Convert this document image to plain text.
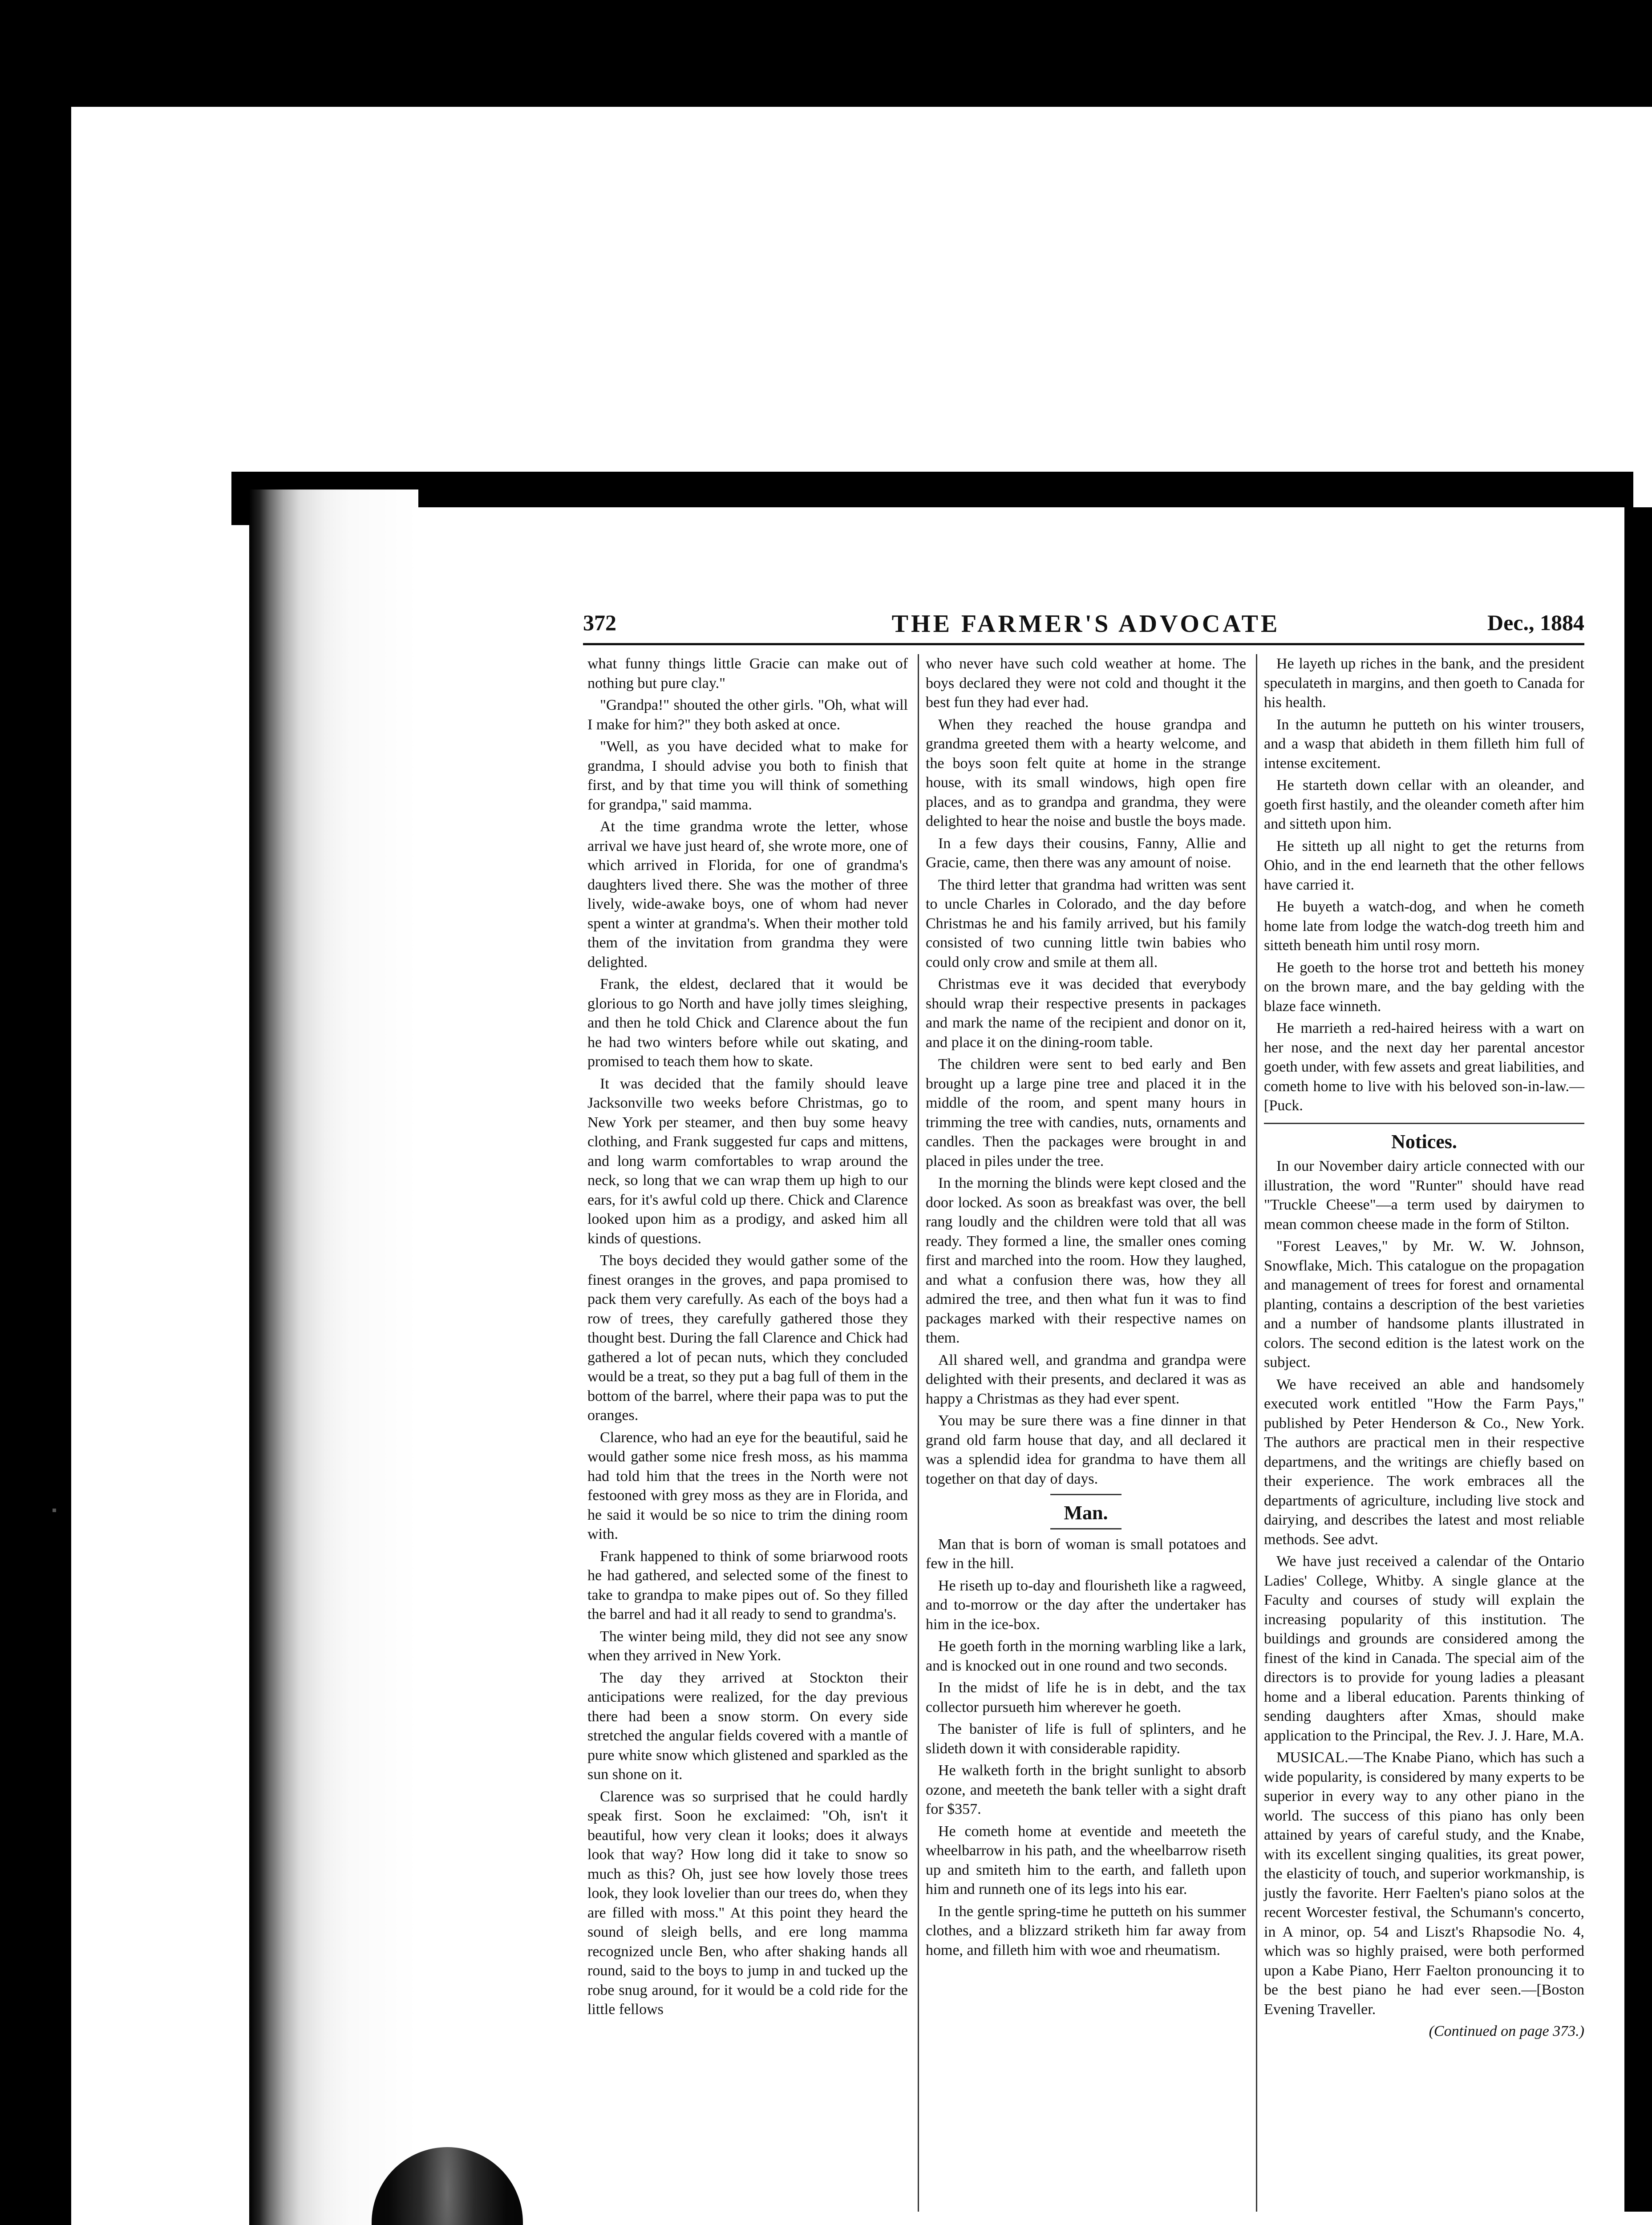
372	THE FARMER'S ADVOCATE	Dec., 1884

what funny things little Gracie can make out of nothing but pure clay."

"Grandpa!" shouted the other girls. "Oh, what will I make for him?" they both asked at once.

"Well, as you have decided what to make for grandma, I should advise you both to finish that first, and by that time you will think of something for grandpa," said mamma.

At the time grandma wrote the letter, whose arrival we have just heard of, she wrote more, one of which arrived in Florida, for one of grandma's daughters lived there. She was the mother of three lively, wide-awake boys, one of whom had never spent a winter at grandma's. When their mother told them of the invitation from grandma they were delighted.

Frank, the eldest, declared that it would be glorious to go North and have jolly times sleighing, and then he told Chick and Clarence about the fun he had two winters before while out skating, and promised to teach them how to skate.

It was decided that the family should leave Jacksonville two weeks before Christmas, go to New York per steamer, and then buy some heavy clothing, and Frank suggested fur caps and mittens, and long warm comfortables to wrap around the neck, so long that we can wrap them up high to our ears, for it's awful cold up there. Chick and Clarence looked upon him as a prodigy, and asked him all kinds of questions.

The boys decided they would gather some of the finest oranges in the groves, and papa promised to pack them very carefully. As each of the boys had a row of trees, they carefully gathered those they thought best. During the fall Clarence and Chick had gathered a lot of pecan nuts, which they concluded would be a treat, so they put a bag full of them in the bottom of the barrel, where their papa was to put the oranges.

Clarence, who had an eye for the beautiful, said he would gather some nice fresh moss, as his mamma had told him that the trees in the North were not festooned with grey moss as they are in Florida, and he said it would be so nice to trim the dining room with.

Frank happened to think of some briarwood roots he had gathered, and selected some of the finest to take to grandpa to make pipes out of. So they filled the barrel and had it all ready to send to grandma's.

The winter being mild, they did not see any snow when they arrived in New York.

The day they arrived at Stockton their anticipations were realized, for the day previous there had been a snow storm. On every side stretched the angular fields covered with a mantle of pure white snow which glistened and sparkled as the sun shone on it.

Clarence was so surprised that he could hardly speak first. Soon he exclaimed: "Oh, isn't it beautiful, how very clean it looks; does it always look that way? How long did it take to snow so much as this? Oh, just see how lovely those trees look, they look lovelier than our trees do, when they are filled with moss." At this point they heard the sound of sleigh bells, and ere long mamma recognized uncle Ben, who after shaking hands all round, said to the boys to jump in and tucked up the robe snug around, for it would be a cold ride for the little fellows

who never have such cold weather at home. The boys declared they were not cold and thought it the best fun they had ever had.

When they reached the house grandpa and grandma greeted them with a hearty welcome, and the boys soon felt quite at home in the strange house, with its small windows, high open fire places, and as to grandpa and grandma, they were delighted to hear the noise and bustle the boys made.

In a few days their cousins, Fanny, Allie and Gracie, came, then there was any amount of noise.

The third letter that grandma had written was sent to uncle Charles in Colorado, and the day before Christmas he and his family arrived, but his family consisted of two cunning little twin babies who could only crow and smile at them all.

Christmas eve it was decided that everybody should wrap their respective presents in packages and mark the name of the recipient and donor on it, and place it on the dining-room table.

The children were sent to bed early and Ben brought up a large pine tree and placed it in the middle of the room, and spent many hours in trimming the tree with candies, nuts, ornaments and candles. Then the packages were brought in and placed in piles under the tree.

In the morning the blinds were kept closed and the door locked. As soon as breakfast was over, the bell rang loudly and the children were told that all was ready. They formed a line, the smaller ones coming first and marched into the room. How they laughed, and what a confusion there was, how they all admired the tree, and then what fun it was to find packages marked with their respective names on them.

All shared well, and grandma and grandpa were delighted with their presents, and declared it was as happy a Christmas as they had ever spent.

You may be sure there was a fine dinner in that grand old farm house that day, and all declared it was a splendid idea for grandma to have them all together on that day of days.

Man.

Man that is born of woman is small potatoes and few in the hill.

He riseth up to-day and flourisheth like a ragweed, and to-morrow or the day after the undertaker has him in the ice-box.

He goeth forth in the morning warbling like a lark, and is knocked out in one round and two seconds.

In the midst of life he is in debt, and the tax collector pursueth him wherever he goeth.

The banister of life is full of splinters, and he slideth down it with considerable rapidity.

He walketh forth in the bright sunlight to absorb ozone, and meeteth the bank teller with a sight draft for $357.

He cometh home at eventide and meeteth the wheelbarrow in his path, and the wheelbarrow riseth up and smiteth him to the earth, and falleth upon him and runneth one of its legs into his ear.

In the gentle spring-time he putteth on his summer clothes, and a blizzard striketh him far away from home, and filleth him with woe and rheumatism.

He layeth up riches in the bank, and the president speculateth in margins, and then goeth to Canada for his health.

In the autumn he putteth on his winter trousers, and a wasp that abideth in them filleth him full of intense excitement.

He starteth down cellar with an oleander, and goeth first hastily, and the oleander cometh after him and sitteth upon him.

He sitteth up all night to get the returns from Ohio, and in the end learneth that the other fellows have carried it.

He buyeth a watch-dog, and when he cometh home late from lodge the watch-dog treeth him and sitteth beneath him until rosy morn.

He goeth to the horse trot and betteth his money on the brown mare, and the bay gelding with the blaze face winneth.

He marrieth a red-haired heiress with a wart on her nose, and the next day her parental ancestor goeth under, with few assets and great liabilities, and cometh home to live with his beloved son-in-law.—[Puck.

Notices.

In our November dairy article connected with our illustration, the word "Runter" should have read "Truckle Cheese"—a term used by dairymen to mean common cheese made in the form of Stilton.

"Forest Leaves," by Mr. W. W. Johnson, Snowflake, Mich. This catalogue on the propagation and management of trees for forest and ornamental planting, contains a description of the best varieties and a number of handsome plants illustrated in colors. The second edition is the latest work on the subject.

We have received an able and handsomely executed work entitled "How the Farm Pays," published by Peter Henderson & Co., New York. The authors are practical men in their respective departmens, and the writings are chiefly based on their experience. The work embraces all the departments of agriculture, including live stock and dairying, and describes the latest and most reliable methods. See advt.

We have just received a calendar of the Ontario Ladies' College, Whitby. A single glance at the Faculty and courses of study will explain the increasing popularity of this institution. The buildings and grounds are considered among the finest of the kind in Canada. The special aim of the directors is to provide for young ladies a pleasant home and a liberal education. Parents thinking of sending daughters after Xmas, should make application to the Principal, the Rev. J. J. Hare, M.A.

MUSICAL.—The Knabe Piano, which has such a wide popularity, is considered by many experts to be superior in every way to any other piano in the world. The success of this piano has only been attained by years of careful study, and the Knabe, with its excellent singing qualities, its great power, the elasticity of touch, and superior workmanship, is justly the favorite. Herr Faelten's piano solos at the recent Worcester festival, the Schumann's concerto, in A minor, op. 54 and Liszt's Rhapsodie No. 4, which was so highly praised, were both performed upon a Kabe Piano, Herr Faelton pronouncing it to be the best piano he had ever seen.—[Boston Evening Traveller.

(Continued on page 373.)
